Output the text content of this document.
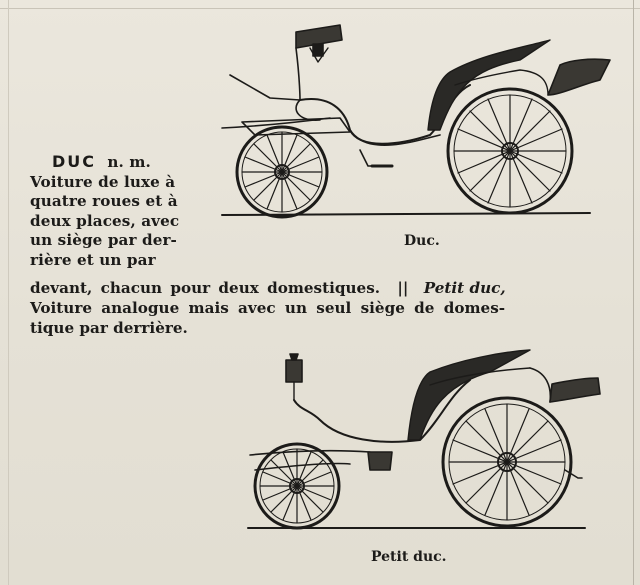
DUC n. m.
Voiture de luxe à
quatre roues et à
deux places, avec
un siège par der-
rière et un par
devant, chacun pour deux domestiques. || Petit duc,
Voiture analogue mais avec un seul siège de domes-
tique par derrière.
Duc.
Petit duc.
